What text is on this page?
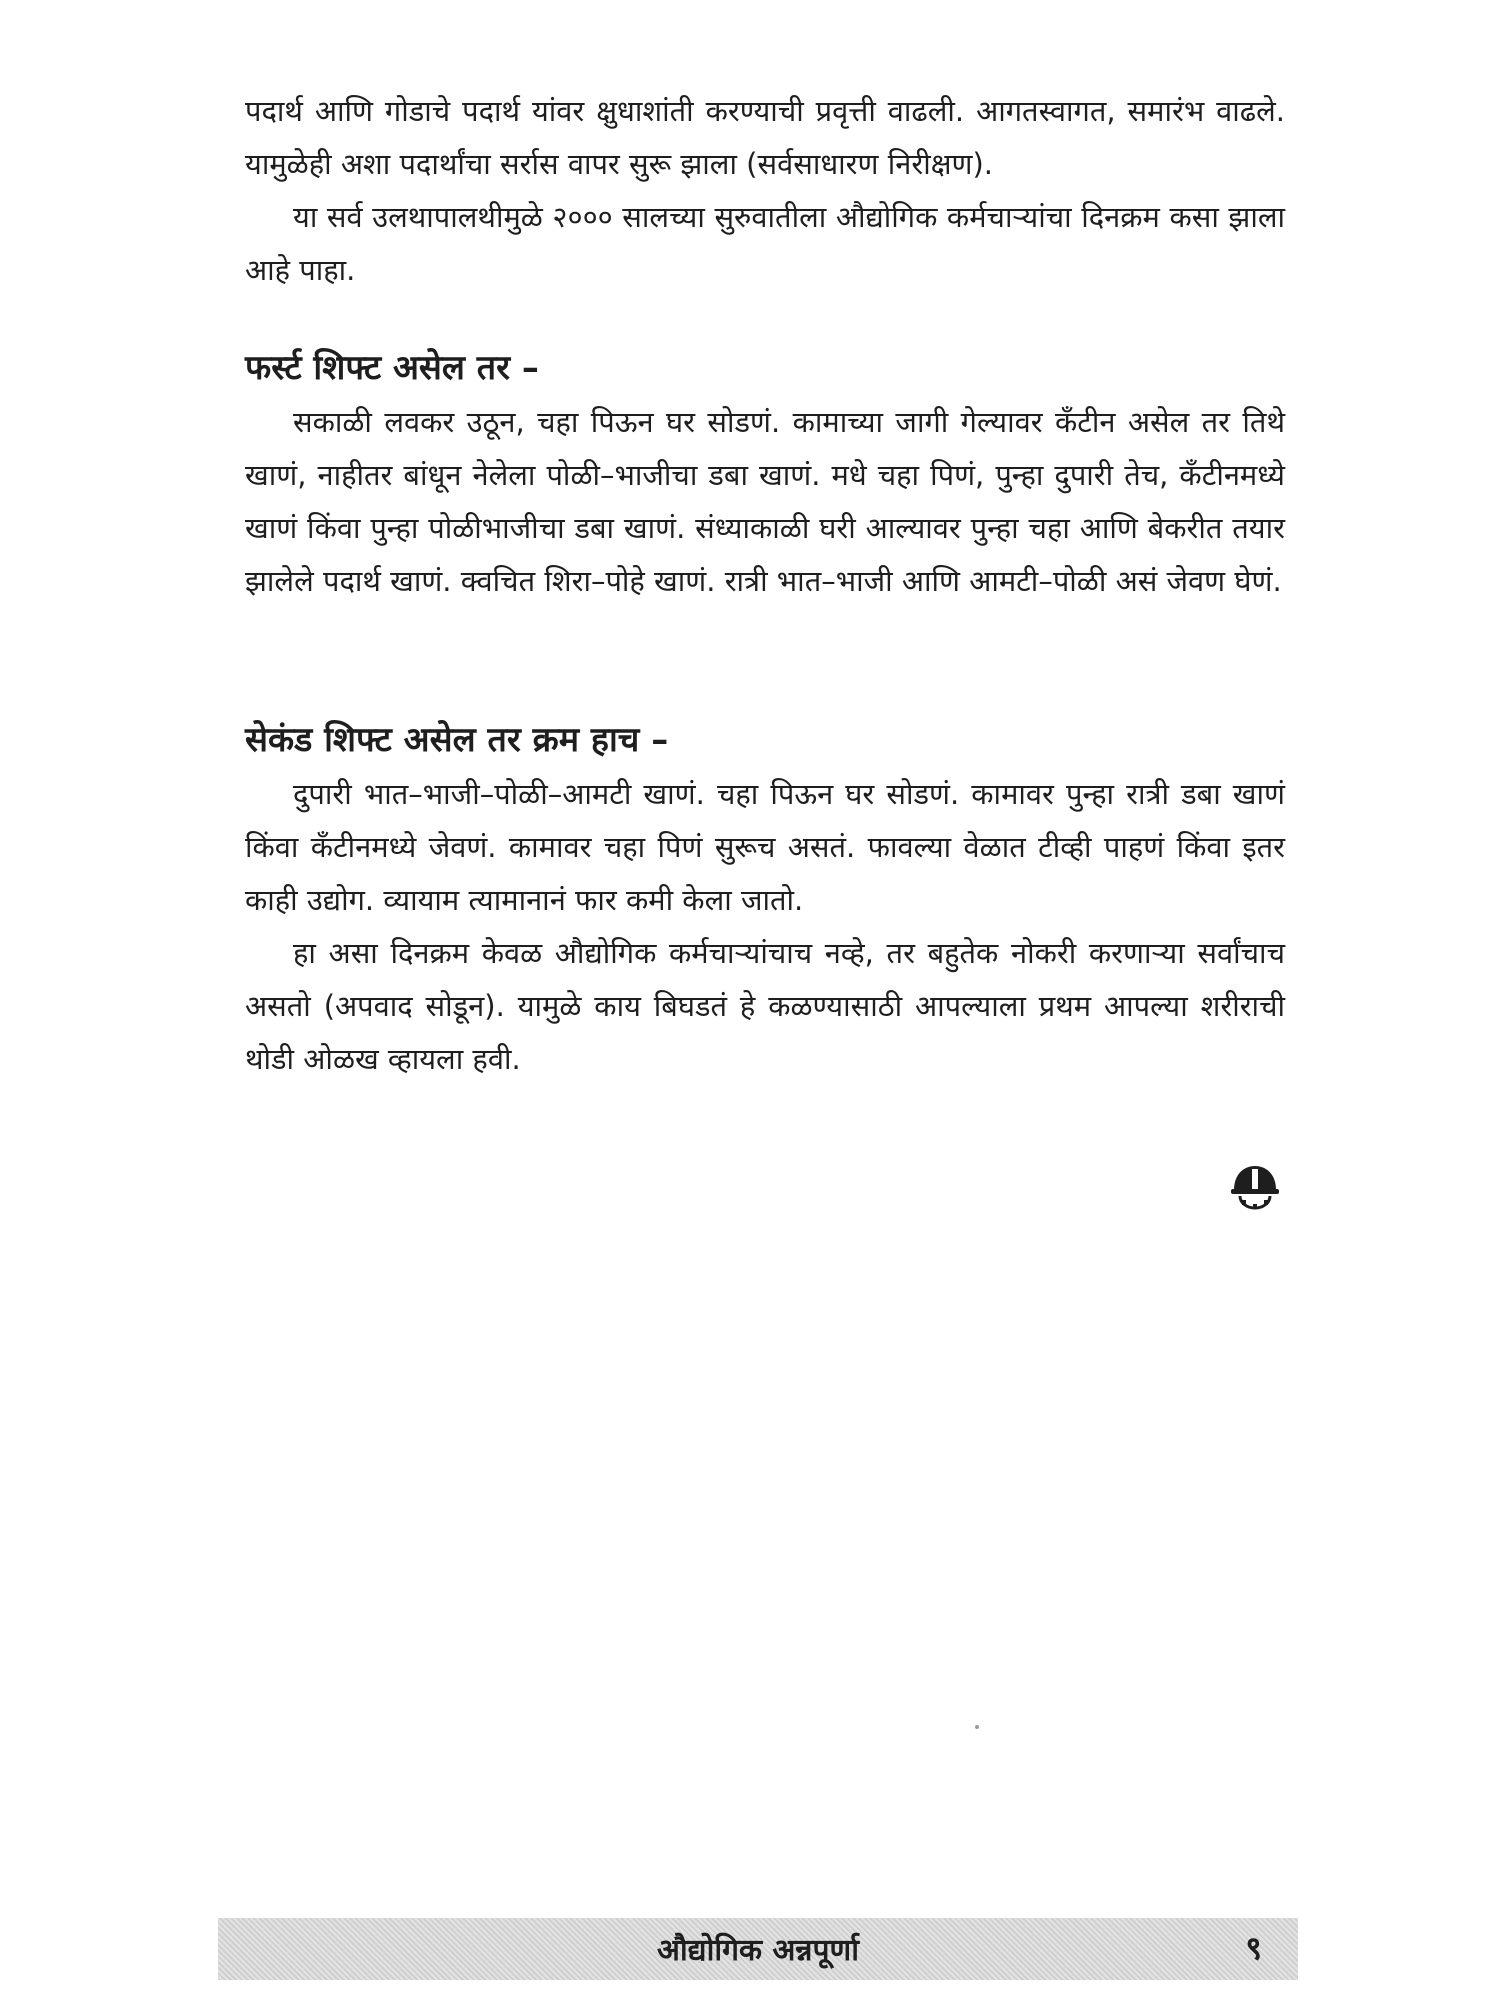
पदार्थ आणि गोडाचे पदार्थ यांवर क्षुधाशांती करण्याची प्रवृत्ती वाढली. आगतस्वागत, समारंभ वाढले. यामुळेही अशा पदार्थांचा सर्रास वापर सुरू झाला (सर्वसाधारण निरीक्षण).

या सर्व उलथापालथीमुळे २००० सालच्या सुरुवातीला औद्योगिक कर्मचाऱ्यांचा दिनक्रम कसा झाला आहे पाहा.

फर्स्ट शिफ्ट असेल तर –

सकाळी लवकर उठून, चहा पिऊन घर सोडणं. कामाच्या जागी गेल्यावर कँटीन असेल तर तिथे खाणं, नाहीतर बांधून नेलेला पोळी–भाजीचा डबा खाणं. मधे चहा पिणं, पुन्हा दुपारी तेच, कँटीनमध्ये खाणं किंवा पुन्हा पोळीभाजीचा डबा खाणं. संध्याकाळी घरी आल्यावर पुन्हा चहा आणि बेकरीत तयार झालेले पदार्थ खाणं. क्वचित शिरा–पोहे खाणं. रात्री भात–भाजी आणि आमटी–पोळी असं जेवण घेणं.

सेकंड शिफ्ट असेल तर क्रम हाच –

दुपारी भात–भाजी–पोळी–आमटी खाणं. चहा पिऊन घर सोडणं. कामावर पुन्हा रात्री डबा खाणं किंवा कँटीनमध्ये जेवणं. कामावर चहा पिणं सुरूच असतं. फावल्या वेळात टीव्ही पाहणं किंवा इतर काही उद्योग. व्यायाम त्यामानानं फार कमी केला जातो.

हा असा दिनक्रम केवळ औद्योगिक कर्मचाऱ्यांचाच नव्हे, तर बहुतेक नोकरी करणाऱ्या सर्वांचाच असतो (अपवाद सोडून). यामुळे काय बिघडतं हे कळण्यासाठी आपल्याला प्रथम आपल्या शरीराची थोडी ओळख व्हायला हवी.

औद्योगिक अन्नपूर्णा	९
